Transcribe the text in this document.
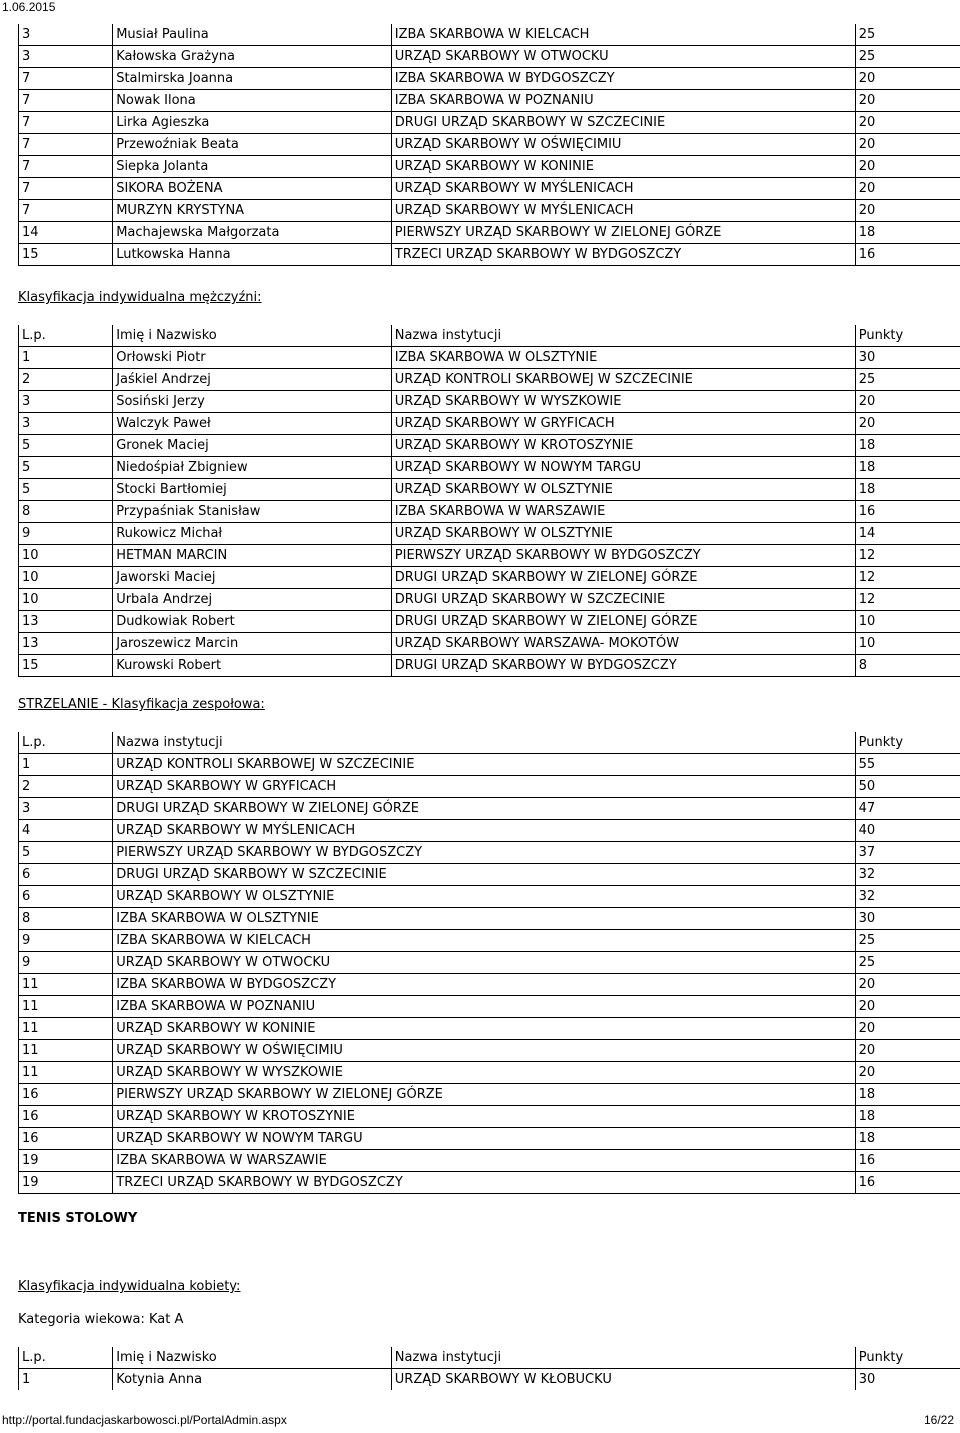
1.06.2015
3	Musiał Paulina	IZBA SKARBOWA W KIELCACH	25
3	Kałowska Grażyna	URZĄD SKARBOWY W OTWOCKU	25
7	Stalmirska Joanna	IZBA SKARBOWA W BYDGOSZCZY	20
7	Nowak Ilona	IZBA SKARBOWA W POZNANIU	20
7	Lirka Agieszka	DRUGI URZĄD SKARBOWY W SZCZECINIE	20
7	Przewoźniak Beata	URZĄD SKARBOWY W OŚWIĘCIMIU	20
7	Siepka Jolanta	URZĄD SKARBOWY W KONINIE	20
7	SIKORA BOŻENA	URZĄD SKARBOWY W MYŚLENICACH	20
7	MURZYN KRYSTYNA	URZĄD SKARBOWY W MYŚLENICACH	20
14	Machajewska Małgorzata	PIERWSZY URZĄD SKARBOWY W ZIELONEJ GÓRZE	18
15	Lutkowska Hanna	TRZECI URZĄD SKARBOWY W BYDGOSZCZY	16
Klasyfikacja indywidualna mężczyźni:
L.p.	Imię i Nazwisko	Nazwa instytucji	Punkty
1	Orłowski Piotr	IZBA SKARBOWA W OLSZTYNIE	30
2	Jaśkiel Andrzej	URZĄD KONTROLI SKARBOWEJ W SZCZECINIE	25
3	Sosiński Jerzy	URZĄD SKARBOWY W WYSZKOWIE	20
3	Walczyk Paweł	URZĄD SKARBOWY W GRYFICACH	20
5	Gronek Maciej	URZĄD SKARBOWY W KROTOSZYNIE	18
5	Niedośpiał Zbigniew	URZĄD SKARBOWY W NOWYM TARGU	18
5	Stocki Bartłomiej	URZĄD SKARBOWY W OLSZTYNIE	18
8	Przypaśniak Stanisław	IZBA SKARBOWA W WARSZAWIE	16
9	Rukowicz Michał	URZĄD SKARBOWY W OLSZTYNIE	14
10	HETMAN MARCIN	PIERWSZY URZĄD SKARBOWY W BYDGOSZCZY	12
10	Jaworski Maciej	DRUGI URZĄD SKARBOWY W ZIELONEJ GÓRZE	12
10	Urbala Andrzej	DRUGI URZĄD SKARBOWY W SZCZECINIE	12
13	Dudkowiak Robert	DRUGI URZĄD SKARBOWY W ZIELONEJ GÓRZE	10
13	Jaroszewicz Marcin	URZĄD SKARBOWY WARSZAWA- MOKOTÓW	10
15	Kurowski Robert	DRUGI URZĄD SKARBOWY W BYDGOSZCZY	8
STRZELANIE - Klasyfikacja zespołowa:
L.p.	Nazwa instytucji	Punkty
1	URZĄD KONTROLI SKARBOWEJ W SZCZECINIE	55
2	URZĄD SKARBOWY W GRYFICACH	50
3	DRUGI URZĄD SKARBOWY W ZIELONEJ GÓRZE	47
4	URZĄD SKARBOWY W MYŚLENICACH	40
5	PIERWSZY URZĄD SKARBOWY W BYDGOSZCZY	37
6	DRUGI URZĄD SKARBOWY W SZCZECINIE	32
6	URZĄD SKARBOWY W OLSZTYNIE	32
8	IZBA SKARBOWA W OLSZTYNIE	30
9	IZBA SKARBOWA W KIELCACH	25
9	URZĄD SKARBOWY W OTWOCKU	25
11	IZBA SKARBOWA W BYDGOSZCZY	20
11	IZBA SKARBOWA W POZNANIU	20
11	URZĄD SKARBOWY W KONINIE	20
11	URZĄD SKARBOWY W OŚWIĘCIMIU	20
11	URZĄD SKARBOWY W WYSZKOWIE	20
16	PIERWSZY URZĄD SKARBOWY W ZIELONEJ GÓRZE	18
16	URZĄD SKARBOWY W KROTOSZYNIE	18
16	URZĄD SKARBOWY W NOWYM TARGU	18
19	IZBA SKARBOWA W WARSZAWIE	16
19	TRZECI URZĄD SKARBOWY W BYDGOSZCZY	16
TENIS STOLOWY
Klasyfikacja indywidualna kobiety:
Kategoria wiekowa: Kat A
L.p.	Imię i Nazwisko	Nazwa instytucji	Punkty
1	Kotynia Anna	URZĄD SKARBOWY W KŁOBUCKU	30
http://portal.fundacjaskarbowosci.pl/PortalAdmin.aspx	16/22
